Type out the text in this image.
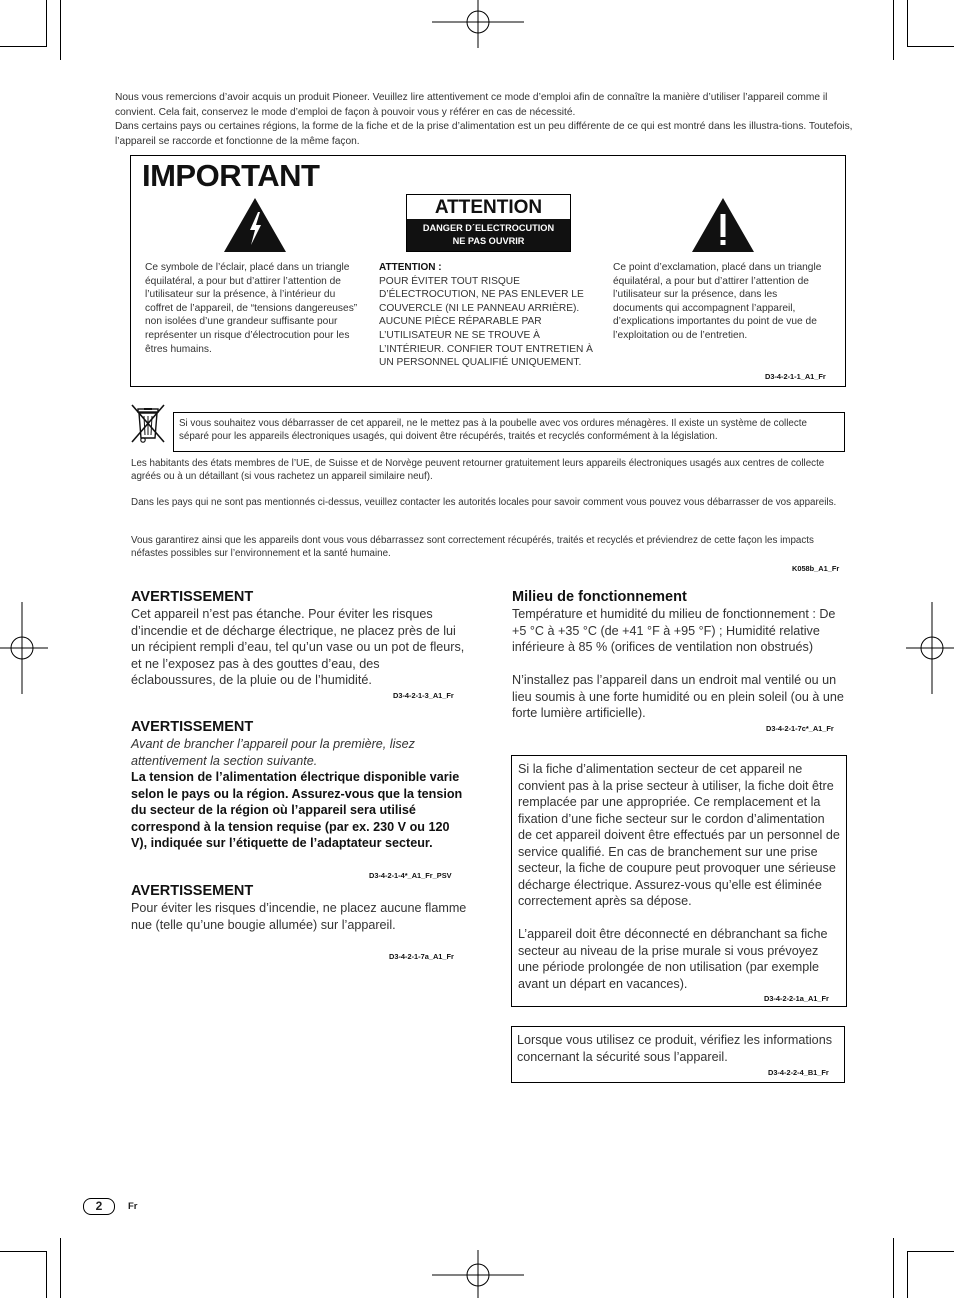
Nous vous remercions d’avoir acquis un produit Pioneer. Veuillez lire attentivement ce mode d’emploi afin de connaître la manière d’utiliser l’appareil comme il convient. Cela fait, conservez le mode d’emploi de façon à pouvoir vous y référer en cas de nécessité.

Dans certains pays ou certaines régions, la forme de la fiche et de la prise d’alimentation est un peu différente de ce qui est montré dans les illustra-tions. Toutefois, l’appareil se raccorde et fonctionne de la même façon.

IMPORTANT
Ce symbole de l’éclair, placé dans un triangle équilatéral, a pour but d’attirer l’attention de l’utilisateur sur la présence, à l’intérieur du coffret de l’appareil, de “tensions dangereuses” non isolées d’une grandeur suffisante pour représenter un risque d’électrocution pour les êtres humains.
ATTENTION
DANGER D´ELECTROCUTION
NE PAS OUVRIR
ATTENTION :
POUR ÉVITER TOUT RISQUE D’ÉLECTROCUTION, NE PAS ENLEVER LE COUVERCLE (NI LE PANNEAU ARRIÈRE). AUCUNE PIÈCE RÉPARABLE PAR L’UTILISATEUR NE SE TROUVE À L’INTÉRIEUR. CONFIER TOUT ENTRETIEN À UN PERSONNEL QUALIFIÉ UNIQUEMENT.
Ce point d’exclamation, placé dans un triangle équilatéral, a pour but d’attirer l’attention de l’utilisateur sur la présence, dans les documents qui accompagnent l’appareil, d’explications importantes du point de vue de l’exploitation ou de l’entretien.
D3-4-2-1-1_A1_Fr
Si vous souhaitez vous débarrasser de cet appareil, ne le mettez pas à la poubelle avec vos ordures ménagères. Il existe un système de collecte séparé pour les appareils électroniques usagés, qui doivent être récupérés, traités et recyclés conformément à la législation.
Les habitants des états membres de l’UE, de Suisse et de Norvège peuvent retourner gratuitement leurs appareils électroniques usagés aux centres de collecte agréés ou à un détaillant (si vous rachetez un appareil similaire neuf).
Dans les pays qui ne sont pas mentionnés ci-dessus, veuillez contacter les autorités locales pour savoir comment vous pouvez vous débarrasser de vos appareils.
Vous garantirez ainsi que les appareils dont vous vous débarrassez sont correctement récupérés, traités et recyclés et préviendrez de cette façon les impacts néfastes possibles sur l’environnement et la santé humaine.
K058b_A1_Fr
AVERTISSEMENT
Cet appareil n’est pas étanche. Pour éviter les risques d’incendie et de décharge électrique, ne placez près de lui un récipient rempli d’eau, tel qu’un vase ou un pot de fleurs, et ne l’exposez pas à des gouttes d’eau, des éclaboussures, de la pluie ou de l’humidité.
D3-4-2-1-3_A1_Fr
AVERTISSEMENT
Avant de brancher l’appareil pour la première, lisez attentivement la section suivante.
La tension de l’alimentation électrique disponible varie selon le pays ou la région. Assurez-vous que la tension du secteur de la région où l’appareil sera utilisé correspond à la tension requise (par ex. 230 V ou 120 V), indiquée sur l’étiquette de l’adaptateur secteur.
D3-4-2-1-4*_A1_Fr_PSV
AVERTISSEMENT
Pour éviter les risques d’incendie, ne placez aucune flamme nue (telle qu’une bougie allumée) sur l’appareil.
D3-4-2-1-7a_A1_Fr
Milieu de fonctionnement
Température et humidité du milieu de fonctionnement : De +5 °C à +35 °C (de +41 °F à +95 °F) ; Humidité relative inférieure à 85 % (orifices de ventilation non obstrués)
N’installez pas l’appareil dans un endroit mal ventilé ou un lieu soumis à une forte humidité ou en plein soleil (ou à une forte lumière artificielle).
D3-4-2-1-7c*_A1_Fr
Si la fiche d’alimentation secteur de cet appareil ne convient pas à la prise secteur à utiliser, la fiche doit être remplacée par une appropriée. Ce remplacement et la fixation d’une fiche secteur sur le cordon d’alimentation de cet appareil doivent être effectués par un personnel de service qualifié. En cas de branchement sur une prise secteur, la fiche de coupure peut provoquer une sérieuse décharge électrique. Assurez-vous qu’elle est éliminée correctement après sa dépose.
L’appareil doit être déconnecté en débranchant sa fiche secteur au niveau de la prise murale si vous prévoyez une période prolongée de non utilisation (par exemple avant un départ en vacances).
D3-4-2-2-1a_A1_Fr
Lorsque vous utilisez ce produit, vérifiez les informations concernant la sécurité sous l’appareil.
D3-4-2-2-4_B1_Fr
2	Fr
